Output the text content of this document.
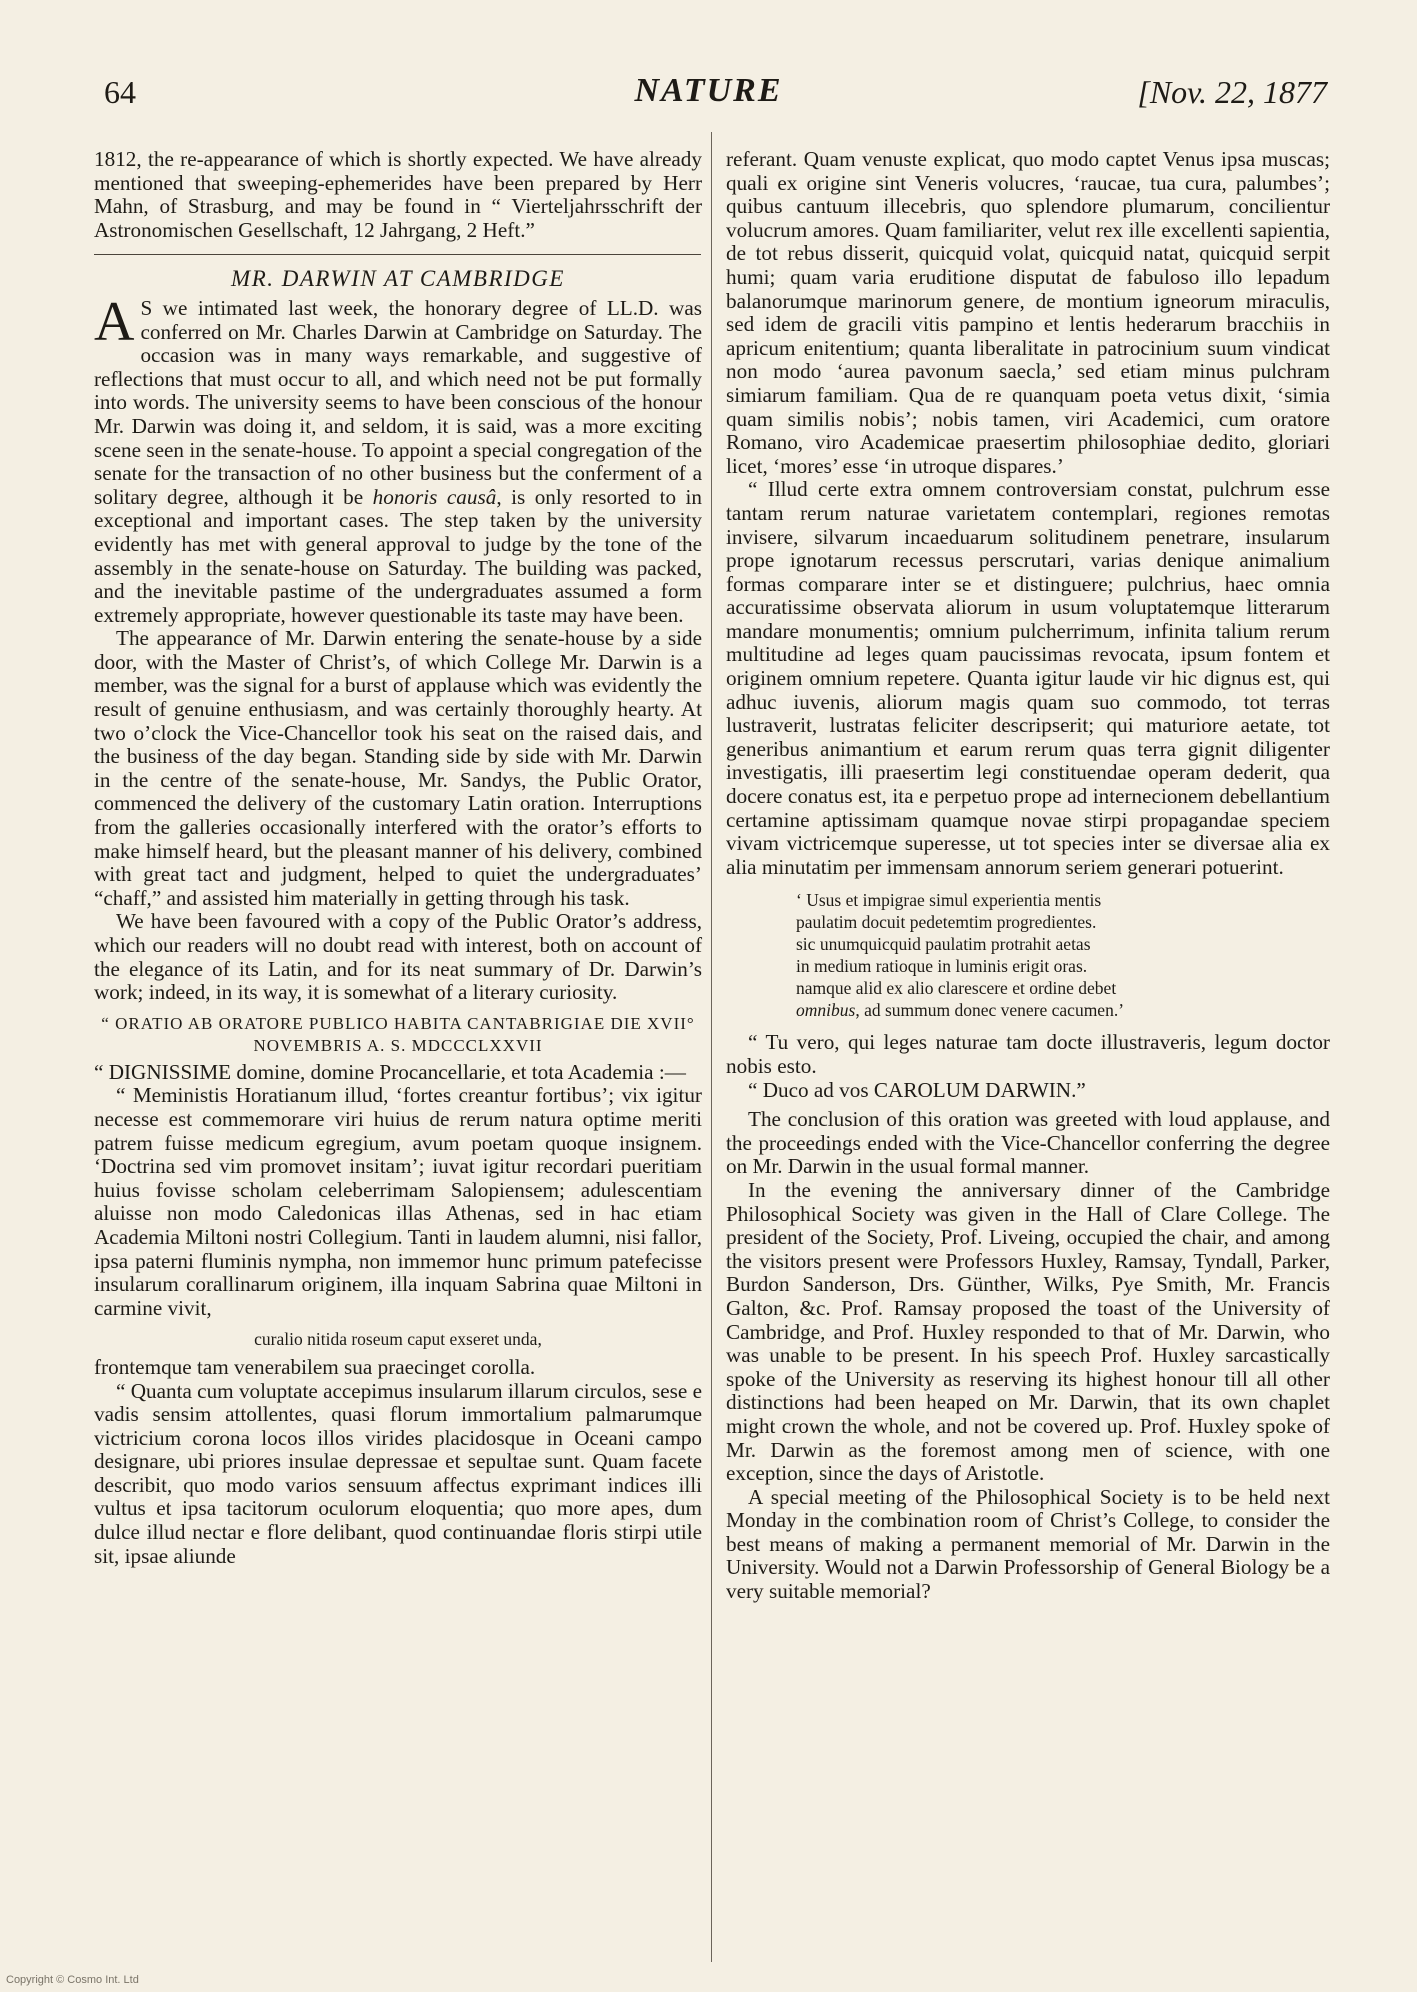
64	NATURE	[Nov. 22, 1877

1812, the re-appearance of which is shortly expected. We have already mentioned that sweeping-ephemerides have been prepared by Herr Mahn, of Strasburg, and may be found in “ Vierteljahrsschrift der Astronomischen Gesellschaft, 12 Jahrgang, 2 Heft.”

MR. DARWIN AT CAMBRIDGE

A S we intimated last week, the honorary degree of LL.D. was conferred on Mr. Charles Darwin at Cambridge on Saturday. The occasion was in many ways remarkable, and suggestive of reflections that must occur to all, and which need not be put formally into words. The university seems to have been conscious of the honour Mr. Darwin was doing it, and seldom, it is said, was a more exciting scene seen in the senate-house. To appoint a special congregation of the senate for the transaction of no other business but the conferment of a solitary degree, although it be honoris causâ, is only resorted to in exceptional and important cases. The step taken by the university evidently has met with general approval to judge by the tone of the assembly in the senate-house on Saturday. The building was packed, and the inevitable pastime of the undergraduates assumed a form extremely appropriate, however questionable its taste may have been.

The appearance of Mr. Darwin entering the senate-house by a side door, with the Master of Christ’s, of which College Mr. Darwin is a member, was the signal for a burst of applause which was evidently the result of genuine enthusiasm, and was certainly thoroughly hearty. At two o’clock the Vice-Chancellor took his seat on the raised dais, and the business of the day began. Standing side by side with Mr. Darwin in the centre of the senate-house, Mr. Sandys, the Public Orator, commenced the delivery of the customary Latin oration. Interruptions from the galleries occasionally interfered with the orator’s efforts to make himself heard, but the pleasant manner of his delivery, combined with great tact and judgment, helped to quiet the undergraduates’ “chaff,” and assisted him materially in getting through his task.

We have been favoured with a copy of the Public Orator’s address, which our readers will no doubt read with interest, both on account of the elegance of its Latin, and for its neat summary of Dr. Darwin’s work; indeed, in its way, it is somewhat of a literary curiosity.

“ ORATIO AB ORATORE PUBLICO HABITA CANTABRIGIAE DIE XVII° NOVEMBRIS A. S. MDCCCLXXVII

“ DIGNISSIME domine, domine Procancellarie, et tota Academia :—

“ Meministis Horatianum illud, ‘fortes creantur fortibus’; vix igitur necesse est commemorare viri huius de rerum natura optime meriti patrem fuisse medicum egregium, avum poetam quoque insignem. ‘Doctrina sed vim promovet insitam’; iuvat igitur recordari pueritiam huius fovisse scholam celeberrimam Salopiensem; adulescentiam aluisse non modo Caledonicas illas Athenas, sed in hac etiam Academia Miltoni nostri Collegium. Tanti in laudem alumni, nisi fallor, ipsa paterni fluminis nympha, non immemor hunc primum patefecisse insularum corallinarum originem, illa inquam Sabrina quae Miltoni in carmine vivit,

curalio nitida roseum caput exseret unda,

frontemque tam venerabilem sua praecinget corolla.

“ Quanta cum voluptate accepimus insularum illarum circulos, sese e vadis sensim attollentes, quasi florum immortalium palmarumque victricium corona locos illos virides placidosque in Oceani campo designare, ubi priores insulae depressae et sepultae sunt. Quam facete describit, quo modo varios sensuum affectus exprimant indices illi vultus et ipsa tacitorum oculorum eloquentia; quo more apes, dum dulce illud nectar e flore delibant, quod continuandae floris stirpi utile sit, ipsae aliunde

referant. Quam venuste explicat, quo modo captet Venus ipsa muscas; quali ex origine sint Veneris volucres, ‘raucae, tua cura, palumbes’; quibus cantuum illecebris, quo splendore plumarum, concilientur volucrum amores. Quam familiariter, velut rex ille excellenti sapientia, de tot rebus disserit, quicquid volat, quicquid natat, quicquid serpit humi; quam varia eruditione disputat de fabuloso illo lepadum balanorumque marinorum genere, de montium igneorum miraculis, sed idem de gracili vitis pampino et lentis hederarum bracchiis in apricum enitentium; quanta liberalitate in patrocinium suum vindicat non modo ‘aurea pavonum saecla,’ sed etiam minus pulchram simiarum familiam. Qua de re quanquam poeta vetus dixit, ‘simia quam similis nobis’; nobis tamen, viri Academici, cum oratore Romano, viro Academicae praesertim philosophiae dedito, gloriari licet, ‘mores’ esse ‘in utroque dispares.’

“ Illud certe extra omnem controversiam constat, pulchrum esse tantam rerum naturae varietatem contemplari, regiones remotas invisere, silvarum incaeduarum solitudinem penetrare, insularum prope ignotarum recessus perscrutari, varias denique animalium formas comparare inter se et distinguere; pulchrius, haec omnia accuratissime observata aliorum in usum voluptatemque litterarum mandare monumentis; omnium pulcherrimum, infinita talium rerum multitudine ad leges quam paucissimas revocata, ipsum fontem et originem omnium repetere. Quanta igitur laude vir hic dignus est, qui adhuc iuvenis, aliorum magis quam suo commodo, tot terras lustraverit, lustratas feliciter descripserit; qui maturiore aetate, tot generibus animantium et earum rerum quas terra gignit diligenter investigatis, illi praesertim legi constituendae operam dederit, qua docere conatus est, ita e perpetuo prope ad internecionem debellantium certamine aptissimam quamque novae stirpi propagandae speciem vivam victricemque superesse, ut tot species inter se diversae alia ex alia minutatim per immensam annorum seriem generari potuerint.

‘ Usus et impigrae simul experientia mentis
paulatim docuit pedetemtim progredientes.
sic unumquicquid paulatim protrahit aetas
in medium ratioque in luminis erigit oras.
namque alid ex alio clarescere et ordine debet
omnibus, ad summum donec venere cacumen.’

“ Tu vero, qui leges naturae tam docte illustraveris, legum doctor nobis esto.

“ Duco ad vos CAROLUM DARWIN.”

The conclusion of this oration was greeted with loud applause, and the proceedings ended with the Vice-Chancellor conferring the degree on Mr. Darwin in the usual formal manner.

In the evening the anniversary dinner of the Cambridge Philosophical Society was given in the Hall of Clare College. The president of the Society, Prof. Liveing, occupied the chair, and among the visitors present were Professors Huxley, Ramsay, Tyndall, Parker, Burdon Sanderson, Drs. Günther, Wilks, Pye Smith, Mr. Francis Galton, &c. Prof. Ramsay proposed the toast of the University of Cambridge, and Prof. Huxley responded to that of Mr. Darwin, who was unable to be present. In his speech Prof. Huxley sarcastically spoke of the University as reserving its highest honour till all other distinctions had been heaped on Mr. Darwin, that its own chaplet might crown the whole, and not be covered up. Prof. Huxley spoke of Mr. Darwin as the foremost among men of science, with one exception, since the days of Aristotle.

A special meeting of the Philosophical Society is to be held next Monday in the combination room of Christ’s College, to consider the best means of making a permanent memorial of Mr. Darwin in the University. Would not a Darwin Professorship of General Biology be a very suitable memorial?

Copyright © Cosmo Int. Ltd
